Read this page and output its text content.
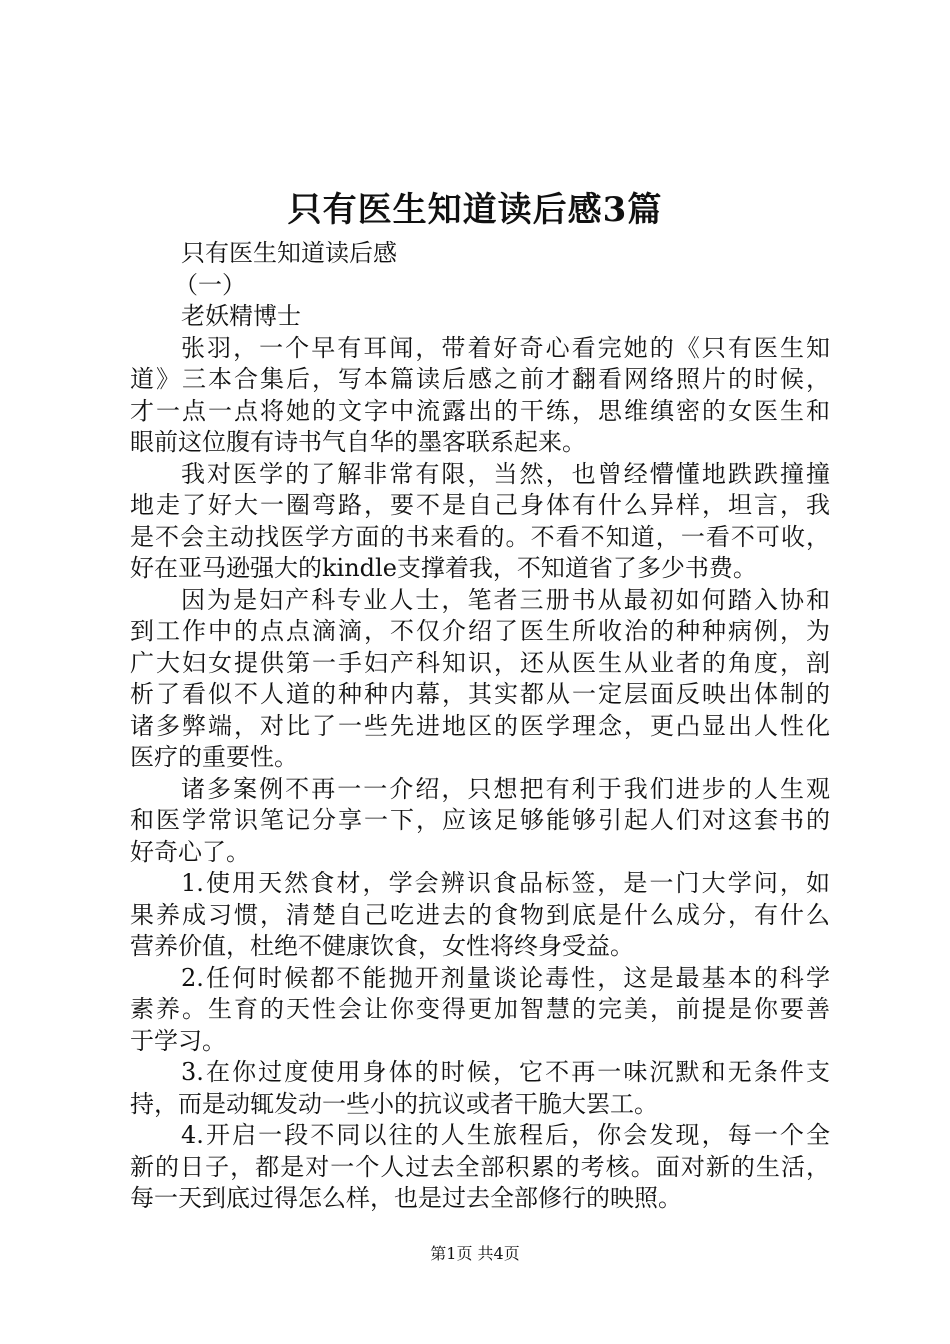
只有医生知道读后感3篇

只有医生知道读后感

（一）

老妖精博士

张羽，一个早有耳闻，带着好奇心看完她的《只有医生知

道》三本合集后，写本篇读后感之前才翻看网络照片的时候，

才一点一点将她的文字中流露出的干练，思维缜密的女医生和

眼前这位腹有诗书气自华的墨客联系起来。

我对医学的了解非常有限，当然，也曾经懵懂地跌跌撞撞

地走了好大一圈弯路，要不是自己身体有什么异样，坦言，我

是不会主动找医学方面的书来看的。不看不知道，一看不可收，

好在亚马逊强大的kindle支撑着我，不知道省了多少书费。

因为是妇产科专业人士，笔者三册书从最初如何踏入协和

到工作中的点点滴滴，不仅介绍了医生所收治的种种病例，为

广大妇女提供第一手妇产科知识，还从医生从业者的角度，剖

析了看似不人道的种种内幕，其实都从一定层面反映出体制的

诸多弊端，对比了一些先进地区的医学理念，更凸显出人性化

医疗的重要性。

诸多案例不再一一介绍，只想把有利于我们进步的人生观

和医学常识笔记分享一下，应该足够能够引起人们对这套书的

好奇心了。

1.使用天然食材，学会辨识食品标签，是一门大学问，如

果养成习惯，清楚自己吃进去的食物到底是什么成分，有什么

营养价值，杜绝不健康饮食，女性将终身受益。

2.任何时候都不能抛开剂量谈论毒性，这是最基本的科学

素养。生育的天性会让你变得更加智慧的完美，前提是你要善

于学习。

3.在你过度使用身体的时候，它不再一味沉默和无条件支

持，而是动辄发动一些小的抗议或者干脆大罢工。

4.开启一段不同以往的人生旅程后，你会发现，每一个全

新的日子，都是对一个人过去全部积累的考核。面对新的生活，

每一天到底过得怎么样，也是过去全部修行的映照。

第1页 共4页
